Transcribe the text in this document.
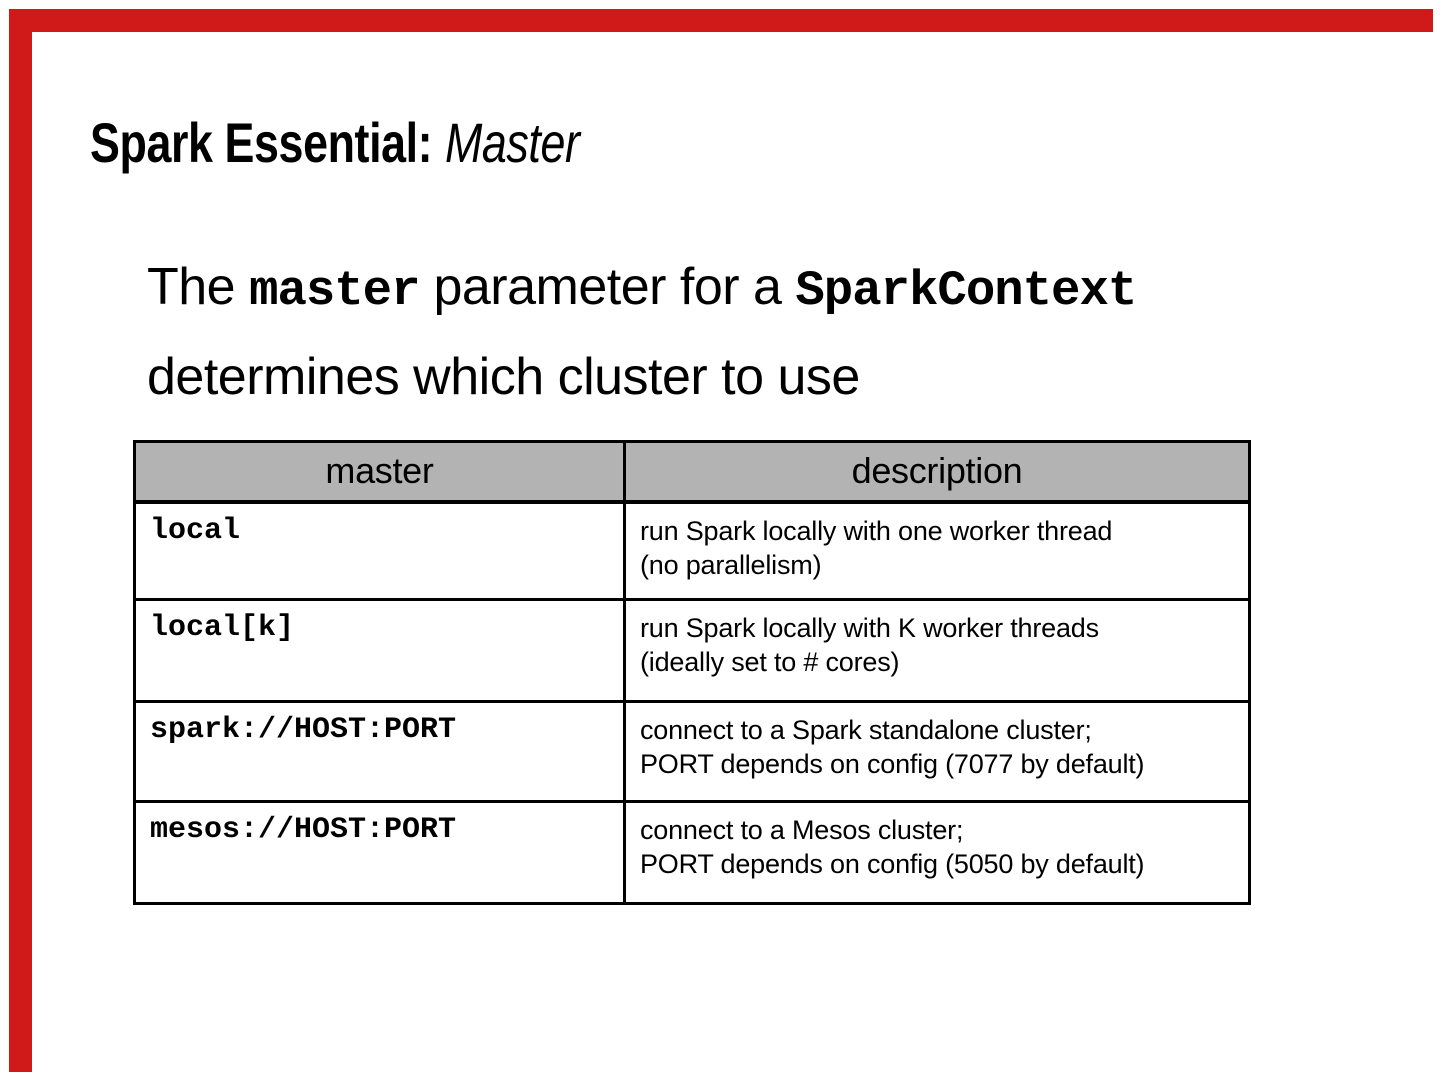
Spark Essential: Master
The master parameter for a SparkContext
determines which cluster to use
master	description
local	run Spark locally with one worker thread
(no parallelism)

local[k]	run Spark locally with K worker threads
(ideally set to # cores)

spark://HOST:PORT	connect to a Spark standalone cluster;
PORT depends on config (7077 by default)

mesos://HOST:PORT	connect to a Mesos cluster;
PORT depends on config (5050 by default)
